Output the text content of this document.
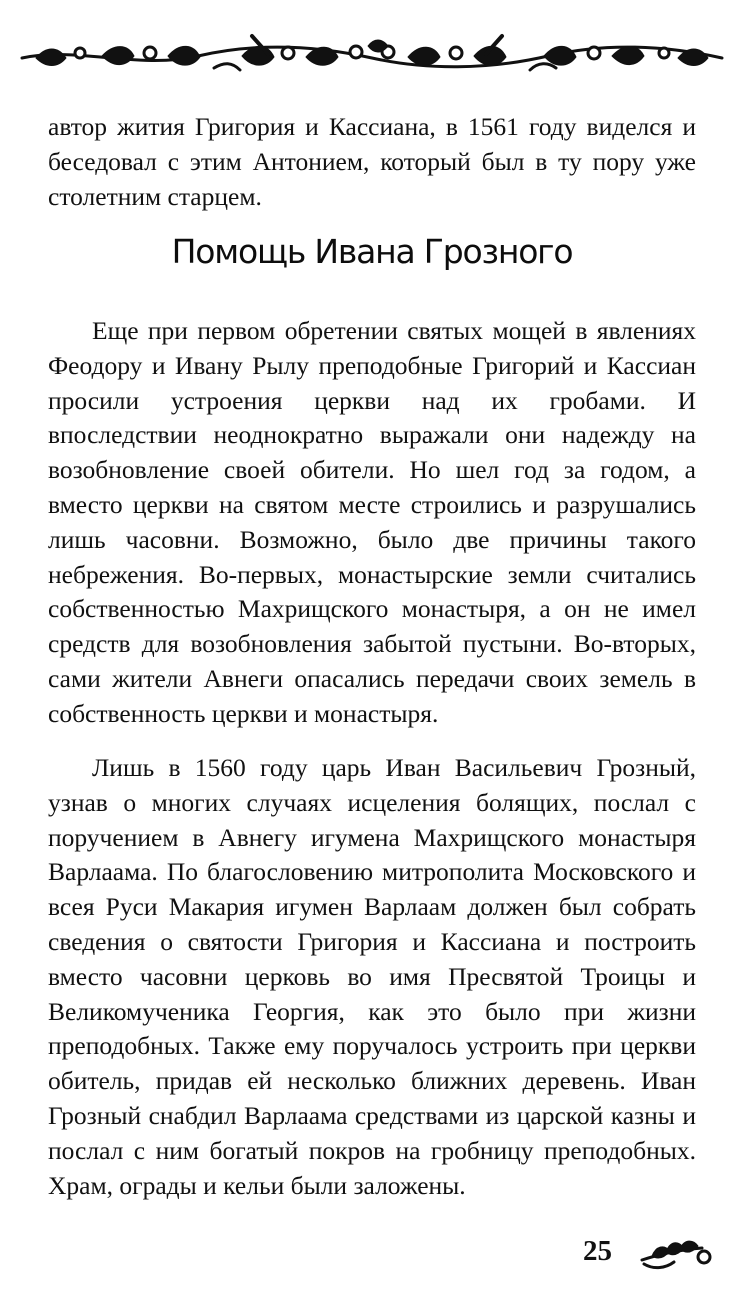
автор жития Григория и Кассиана, в 1561 году виделся и беседовал с этим Антонием, который был в ту пору уже столетним старцем.

Помощь Ивана Грозного

Еще при первом обретении святых мощей в явлениях Феодору и Ивану Рылу преподобные Григорий и Кассиан просили устроения церкви над их гробами. И впоследствии неоднократно выражали они надежду на возобновление своей обители. Но шел год за годом, а вместо церкви на святом месте строились и разрушались лишь часовни. Возможно, было две причины такого небрежения. Во-первых, монастырские земли считались собственностью Махрищского монастыря, а он не имел средств для возобновления забытой пустыни. Во-вторых, сами жители Авнеги опасались передачи своих земель в собственность церкви и монастыря.

Лишь в 1560 году царь Иван Васильевич Грозный, узнав о многих случаях исцеления болящих, послал с поручением в Авнегу игумена Махрищского монастыря Варлаама. По благословению митрополита Московского и всея Руси Макария игумен Варлаам должен был собрать сведения о святости Григория и Кассиана и построить вместо часовни церковь во имя Пресвятой Троицы и Великомученика Георгия, как это было при жизни преподобных. Также ему поручалось устроить при церкви обитель, придав ей несколько ближних деревень. Иван Грозный снабдил Варлаама средствами из царской казны и послал с ним богатый покров на гробницу преподобных. Храм, ограды и кельи были заложены.

25
